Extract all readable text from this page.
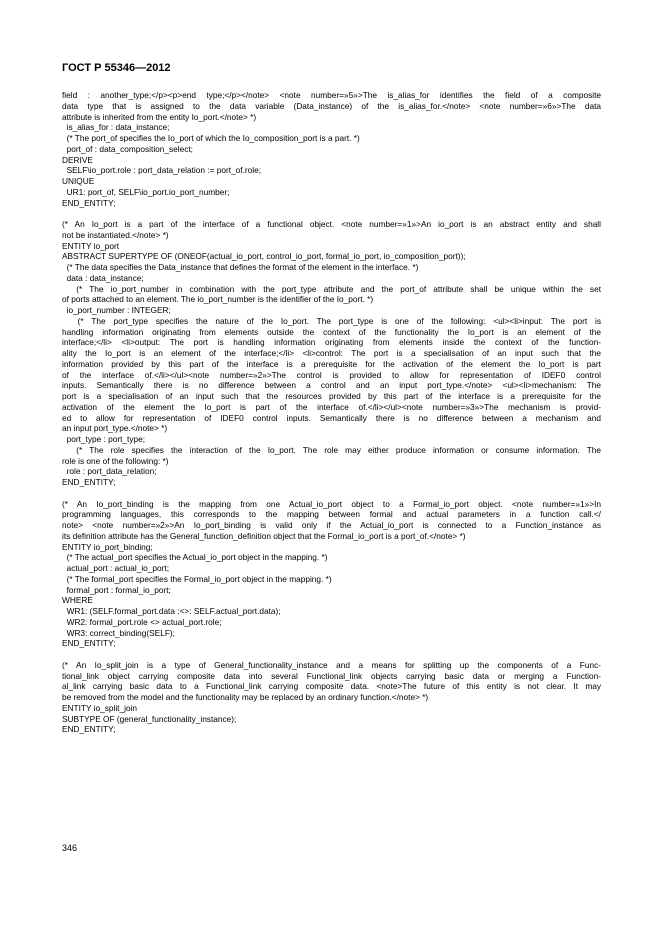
ГОСТ Р 55346—2012
field : another_type;</p><p>end type;</p></note> <note number=»5»>The is_alias_for identifies the field of a composite
data type that is assigned to the data variable (Data_instance) of the is_alias_for.</note> <note number=»6»>The data
attribute is inherited from the entity Io_port.</note> *)
is_alias_for : data_instance;
(* The port_of specifies the Io_port of which the Io_composition_port is a part. *)
port_of : data_composition_select;
DERIVE
SELF\io_port.role : port_data_relation := port_of.role;
UNIQUE
UR1: port_of, SELF\io_port.io_port_number;
END_ENTITY;
(* An Io_port is a part of the interface of a functional object. <note number=»1»>An io_port is an abstract entity and shall
not be instantiated.</note> *)
ENTITY io_port
ABSTRACT SUPERTYPE OF (ONEOF(actual_io_port, control_io_port, formal_io_port, io_composition_port));
(* The data specifies the Data_instance that defines the format of the element in the interface. *)
data : data_instance;
(* The io_port_number in combination with the port_type attribute and the port_of attribute shall be unique within the set
of ports attached to an element. The io_port_number is the identifier of the Io_port. *)
io_port_number : INTEGER;
(* The port_type specifies the nature of the Io_port. The port_type is one of the following: <ul><li>input: The port is
handling information originating from elements outside the context of the functionality the Io_port is an element of the
interface;</li> <li>output: The port is handling information originating from elements inside the context of the function-
ality the Io_port is an element of the interface;</li> <li>control: The port is a specialisation of an input such that the
information provided by this part of the interface is a prerequisite for the activation of the element the Io_port is part
of the interface of.</li></ul><note number=»2»>The control is provided to allow for representation of IDEF0 control
inputs. Semantically there is no difference between a control and an input port_type.</note> <ul><li>mechanism: The
port is a specialisation of an input such that the resources provided by this part of the interface is a prerequisite for the
activation of the element the Io_port is part of the interface of.</li></ul><note number=»3»>The mechanism is provid-
ed to allow for representation of IDEF0 control inputs. Semantically there is no difference between a mechanism and
an input port_type.</note> *)
port_type : port_type;
(* The role specifies the interaction of the Io_port. The role may either produce information or consume information. The
role is one of the following: *)
role : port_data_relation;
END_ENTITY;
(* An Io_port_binding is the mapping from one Actual_io_port object to a Formal_io_port object. <note number=»1»>In
programming languages, this corresponds to the mapping between formal and actual parameters in a function call.</
note> <note number=»2»>An Io_port_binding is valid only if the Actual_io_port is connected to a Function_instance as
its definition attribute has the General_function_definition object that the Formal_io_port is a port_of.</note> *)
ENTITY io_port_binding;
(* The actual_port specifies the Actual_io_port object in the mapping. *)
actual_port : actual_io_port;
(* The formal_port specifies the Formal_io_port object in the mapping. *)
formal_port : formal_io_port;
WHERE
WR1: (SELF.formal_port.data :<>: SELF.actual_port.data);
WR2: formal_port.role <> actual_port.role;
WR3: correct_binding(SELF);
END_ENTITY;
(* An Io_split_join is a type of General_functionality_instance and a means for splitting up the components of a Func-
tional_link object carrying composite data into several Functional_link objects carrying basic data or merging a Function-
al_link carrying basic data to a Functional_link carrying composite data. <note>The future of this entity is not clear. It may
be removed from the model and the functionality may be replaced by an ordinary function.</note> *)
ENTITY io_split_join
SUBTYPE OF (general_functionality_instance);
END_ENTITY;
346
